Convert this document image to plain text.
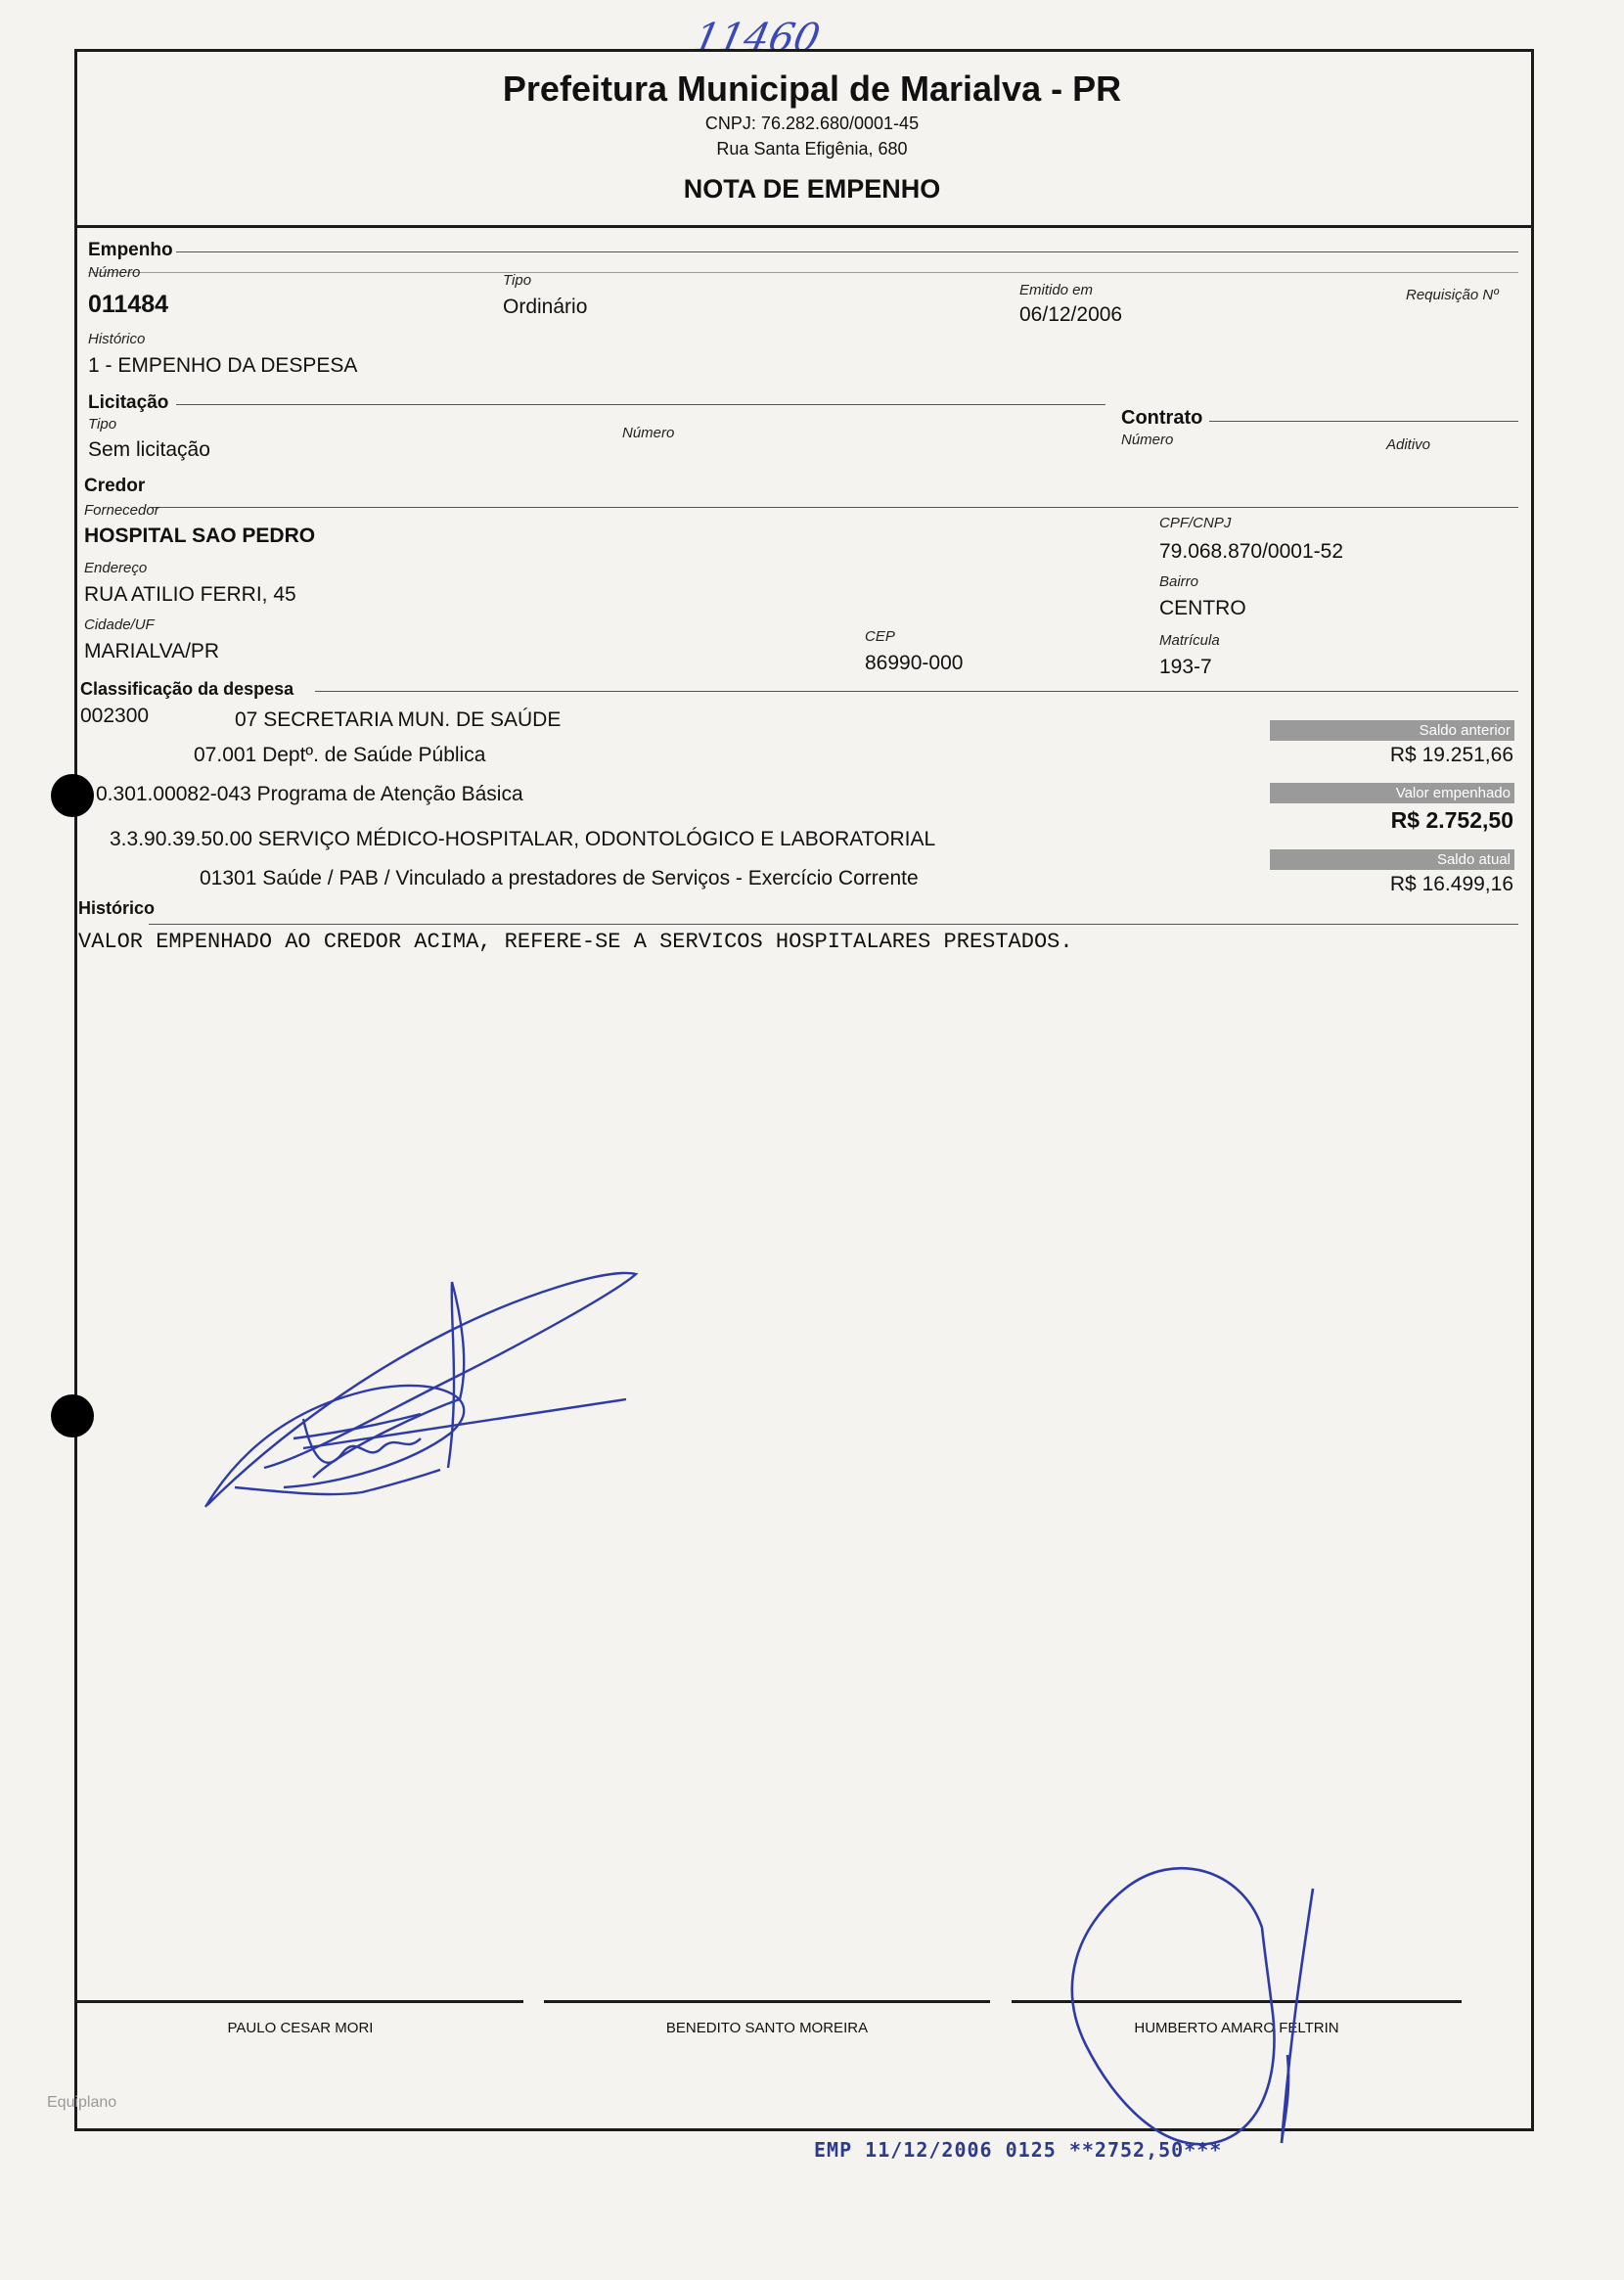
11460
Prefeitura Municipal de Marialva - PR
CNPJ: 76.282.680/0001-45
Rua Santa Efigênia, 680
NOTA DE EMPENHO
Empenho
Número
011484
Tipo
Ordinário
Emitido em
06/12/2006
Requisição Nº
Histórico
1 - EMPENHO DA DESPESA
Licitação
Tipo
Sem licitação
Número
Contrato
Número	Aditivo
Credor
Fornecedor
HOSPITAL SAO PEDRO
CPF/CNPJ
79.068.870/0001-52
Endereço
RUA ATILIO FERRI, 45
Bairro
CENTRO
Cidade/UF
MARIALVA/PR
CEP
86990-000
Matrícula
193-7
Classificação da despesa
002300	07 SECRETARIA MUN. DE SAÚDE
07.001 Deptº. de Saúde Pública
0.301.00082-043 Programa de Atenção Básica
3.3.90.39.50.00 SERVIÇO MÉDICO-HOSPITALAR, ODONTOLÓGICO E LABORATORIAL
01301 Saúde / PAB / Vinculado a prestadores de Serviços - Exercício Corrente
Saldo anterior
R$ 19.251,66
Valor empenhado
R$ 2.752,50
Saldo atual
R$ 16.499,16
Histórico
VALOR EMPENHADO AO CREDOR ACIMA, REFERE-SE A SERVICOS HOSPITALARES PRESTADOS.
PAULO CESAR MORI	BENEDITO SANTO MOREIRA	HUMBERTO AMARO FELTRIN
Equiplano
EMP 11/12/2006 0125 **2752,50***
